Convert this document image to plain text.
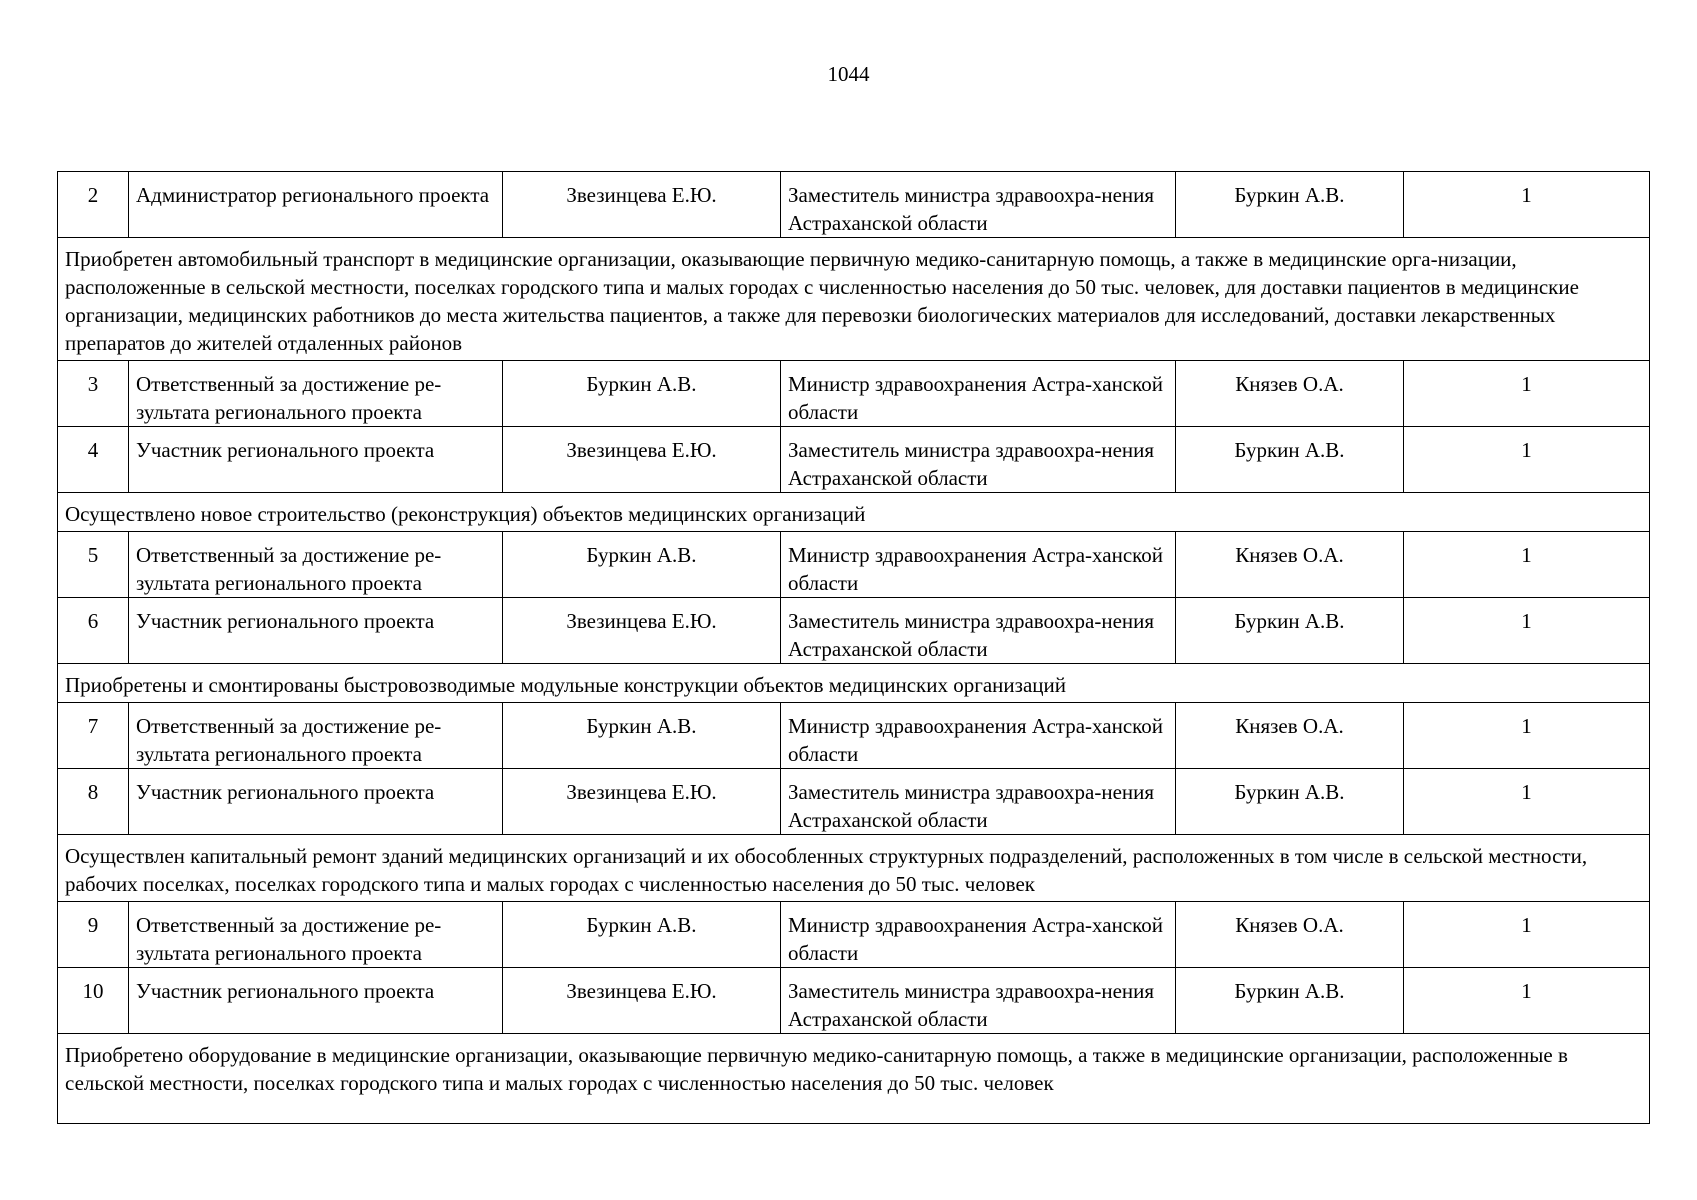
1044
2	Администратор регионального проекта	Звезинцева Е.Ю.	Заместитель министра здравоохра-нения Астраханской области	Буркин А.В.	1
Приобретен автомобильный транспорт в медицинские организации, оказывающие первичную медико-санитарную помощь, а также в медицинские орга-низации, расположенные в сельской местности, поселках городского типа и малых городах с численностью населения до 50 тыс. человек, для доставки пациентов в медицинские организации, медицинских работников до места жительства пациентов, а также для перевозки биологических материалов для исследований, доставки лекарственных препаратов до жителей отдаленных районов					
3	Ответственный за достижение ре-зультата регионального проекта	Буркин А.В.	Министр здравоохранения Астра-ханской области	Князев О.А.	1
4	Участник регионального проекта	Звезинцева Е.Ю.	Заместитель министра здравоохра-нения Астраханской области	Буркин А.В.	1
Осуществлено новое строительство (реконструкция) объектов медицинских организаций					
5	Ответственный за достижение ре-зультата регионального проекта	Буркин А.В.	Министр здравоохранения Астра-ханской области	Князев О.А.	1
6	Участник регионального проекта	Звезинцева Е.Ю.	Заместитель министра здравоохра-нения Астраханской области	Буркин А.В.	1
Приобретены и смонтированы быстровозводимые модульные конструкции объектов медицинских организаций					
7	Ответственный за достижение ре-зультата регионального проекта	Буркин А.В.	Министр здравоохранения Астра-ханской области	Князев О.А.	1
8	Участник регионального проекта	Звезинцева Е.Ю.	Заместитель министра здравоохра-нения Астраханской области	Буркин А.В.	1
Осуществлен капитальный ремонт зданий медицинских организаций и их обособленных структурных подразделений, расположенных в том числе в сельской местности, рабочих поселках, поселках городского типа и малых городах с численностью населения до 50 тыс. человек					
9	Ответственный за достижение ре-зультата регионального проекта	Буркин А.В.	Министр здравоохранения Астра-ханской области	Князев О.А.	1
10	Участник регионального проекта	Звезинцева Е.Ю.	Заместитель министра здравоохра-нения Астраханской области	Буркин А.В.	1
Приобретено оборудование в медицинские организации, оказывающие первичную медико-санитарную помощь, а также в медицинские организации, расположенные в сельской местности, поселках городского типа и малых городах с численностью населения до 50 тыс. человек					
